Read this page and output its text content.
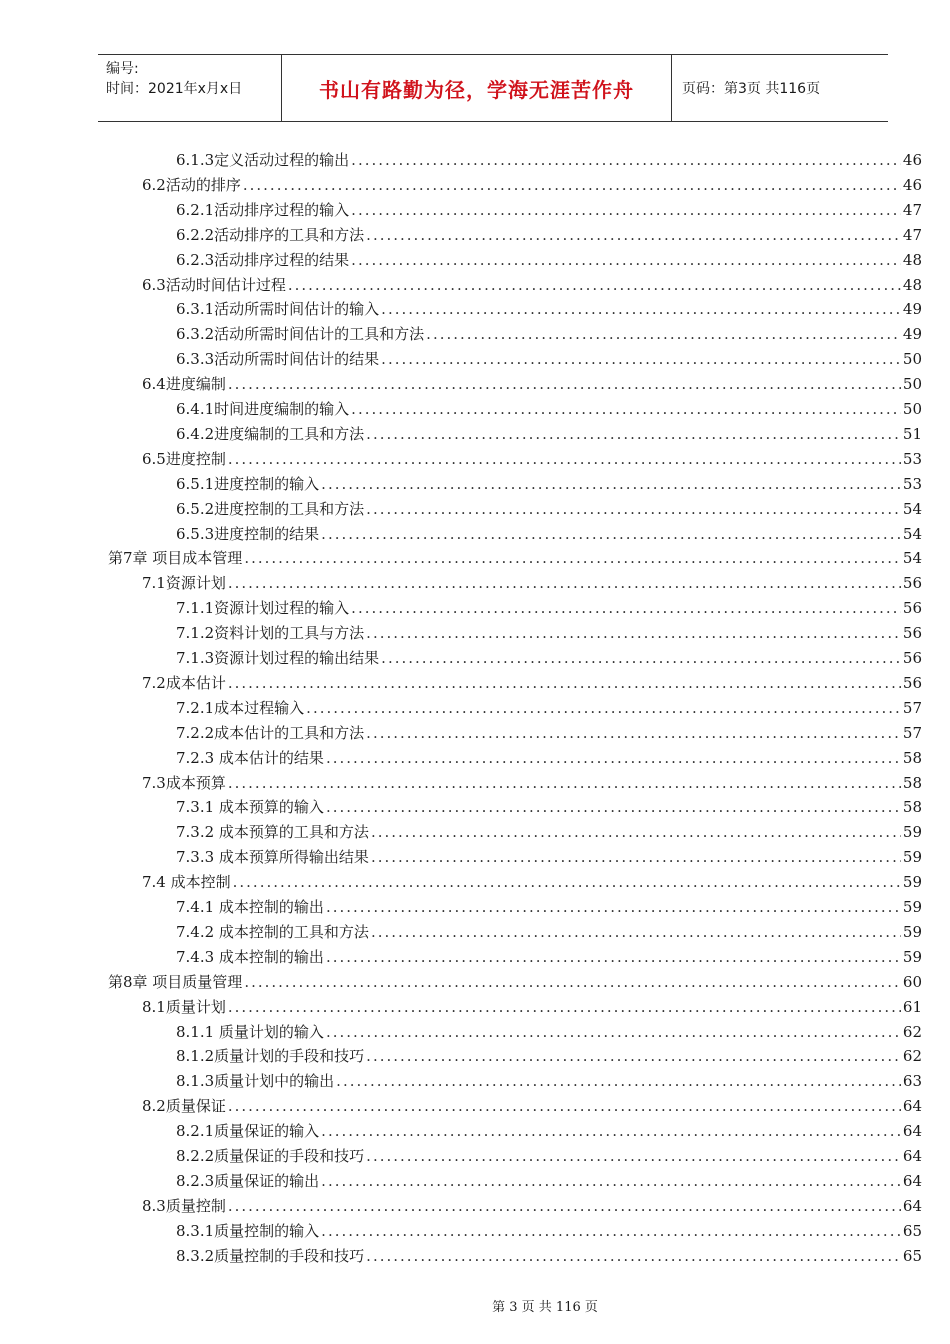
编号:
时间：2021年x月x日	书山有路勤为径，学海无涯苦作舟	页码：第3页 共116页
6.1.3定义活动过程的输出 .....	46
6.2活动的排序 .....	46
6.2.1活动排序过程的输入 .....	47
6.2.2活动排序的工具和方法 .....	47
6.2.3活动排序过程的结果 .....	48
6.3活动时间估计过程 .....	48
6.3.1活动所需时间估计的输入 .....	49
6.3.2活动所需时间估计的工具和方法 .....	49
6.3.3活动所需时间估计的结果 .....	50
6.4进度编制 .....	50
6.4.1时间进度编制的输入 .....	50
6.4.2进度编制的工具和方法 .....	51
6.5进度控制 .....	53
6.5.1进度控制的输入 .....	53
6.5.2进度控制的工具和方法 .....	54
6.5.3进度控制的结果 .....	54
第7章 项目成本管理 .....	54
7.1资源计划 .....	56
7.1.1资源计划过程的输入 .....	56
7.1.2资料计划的工具与方法 .....	56
7.1.3资源计划过程的输出结果 .....	56
7.2成本估计 .....	56
7.2.1成本过程输入 .....	57
7.2.2成本估计的工具和方法 .....	57
7.2.3 成本估计的结果 .....	58
7.3成本预算 .....	58
7.3.1 成本预算的输入 .....	58
7.3.2 成本预算的工具和方法 .....	59
7.3.3 成本预算所得输出结果 .....	59
7.4 成本控制 .....	59
7.4.1 成本控制的输出 .....	59
7.4.2 成本控制的工具和方法 .....	59
7.4.3 成本控制的输出 .....	59
第8章 项目质量管理 .....	60
8.1质量计划 .....	61
8.1.1 质量计划的输入 .....	62
8.1.2质量计划的手段和技巧 .....	62
8.1.3质量计划中的输出 .....	63
8.2质量保证 .....	64
8.2.1质量保证的输入 .....	64
8.2.2质量保证的手段和技巧 .....	64
8.2.3质量保证的输出 .....	64
8.3质量控制 .....	64
8.3.1质量控制的输入 .....	65
8.3.2质量控制的手段和技巧 .....	65
第 3 页 共 116 页
